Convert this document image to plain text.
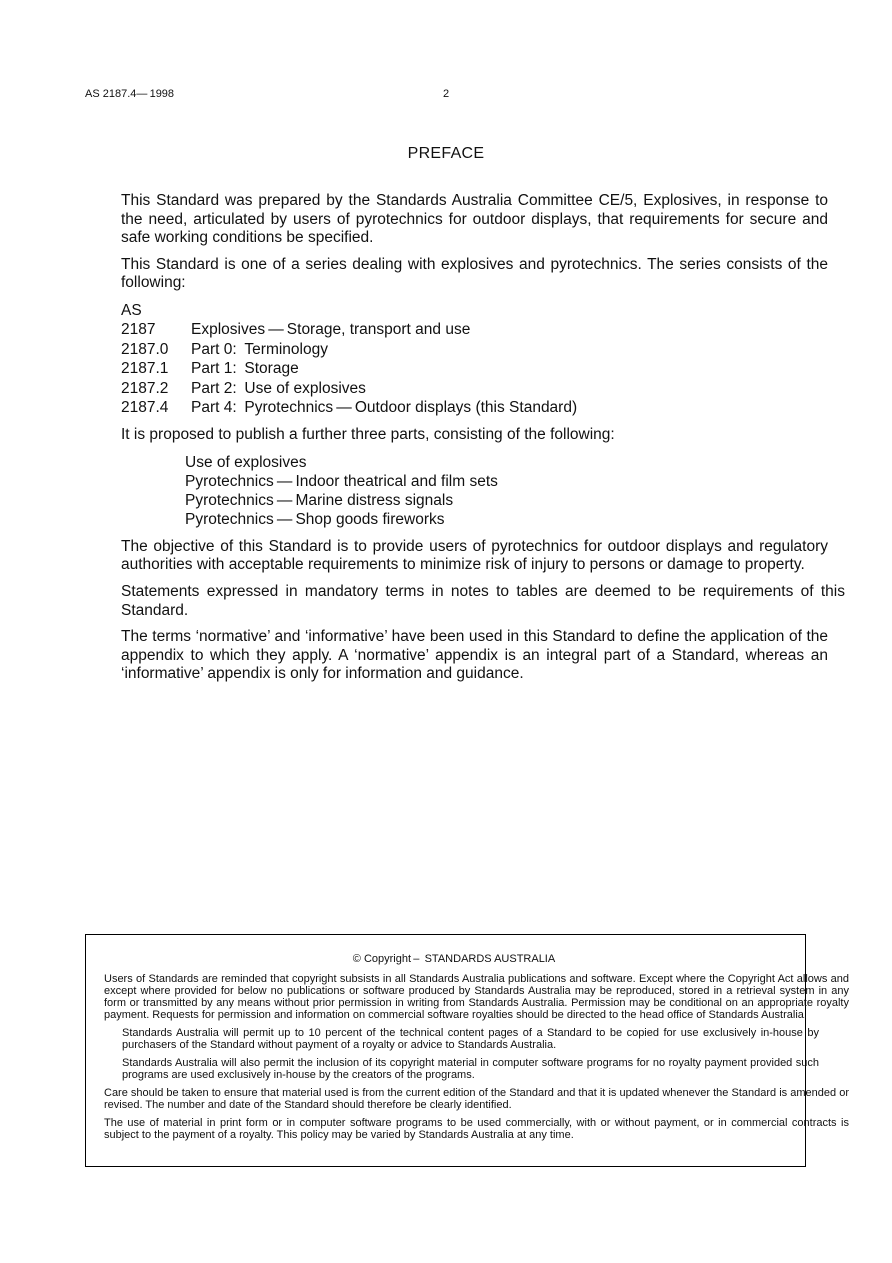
AS 2187.4— 1998	2
PREFACE

This Standard was prepared by the Standards Australia Committee CE/5, Explosives, in response to the need, articulated by users of pyrotechnics for outdoor displays, that requirements for secure and safe working conditions be specified.

This Standard is one of a series dealing with explosives and pyrotechnics. The series consists of the following:

AS
2187	Explosives — Storage, transport and use
2187.0	Part 0: Terminology
2187.1	Part 1: Storage
2187.2	Part 2: Use of explosives
2187.4	Part 4: Pyrotechnics — Outdoor displays (this Standard)

It is proposed to publish a further three parts, consisting of the following:

Use of explosives
Pyrotechnics — Indoor theatrical and film sets
Pyrotechnics — Marine distress signals
Pyrotechnics — Shop goods fireworks

The objective of this Standard is to provide users of pyrotechnics for outdoor displays and regulatory authorities with acceptable requirements to minimize risk of injury to persons or damage to property.

Statements expressed in mandatory terms in notes to tables are deemed to be requirements of this Standard.

The terms ‘normative’ and ‘informative’ have been used in this Standard to define the application of the appendix to which they apply. A ‘normative’ appendix is an integral part of a Standard, whereas an ‘informative’ appendix is only for information and guidance.

© Copyright –  STANDARDS AUSTRALIA

Users of Standards are reminded that copyright subsists in all Standards Australia publications and software. Except where the Copyright Act allows and except where provided for below no publications or software produced by Standards Australia may be reproduced, stored in a retrieval system in any form or transmitted by any means without prior permission in writing from Standards Australia. Permission may be conditional on an appropriate royalty payment. Requests for permission and information on commercial software royalties should be directed to the head office of Standards Australia.

Standards Australia will permit up to 10 percent of the technical content pages of a Standard to be copied for use exclusively in-house by purchasers of the Standard without payment of a royalty or advice to Standards Australia.

Standards Australia will also permit the inclusion of its copyright material in computer software programs for no royalty payment provided such programs are used exclusively in-house by the creators of the programs.

Care should be taken to ensure that material used is from the current edition of the Standard and that it is updated whenever the Standard is amended or revised. The number and date of the Standard should therefore be clearly identified.

The use of material in print form or in computer software programs to be used commercially, with or without payment, or in commercial contracts is subject to the payment of a royalty. This policy may be varied by Standards Australia at any time.
